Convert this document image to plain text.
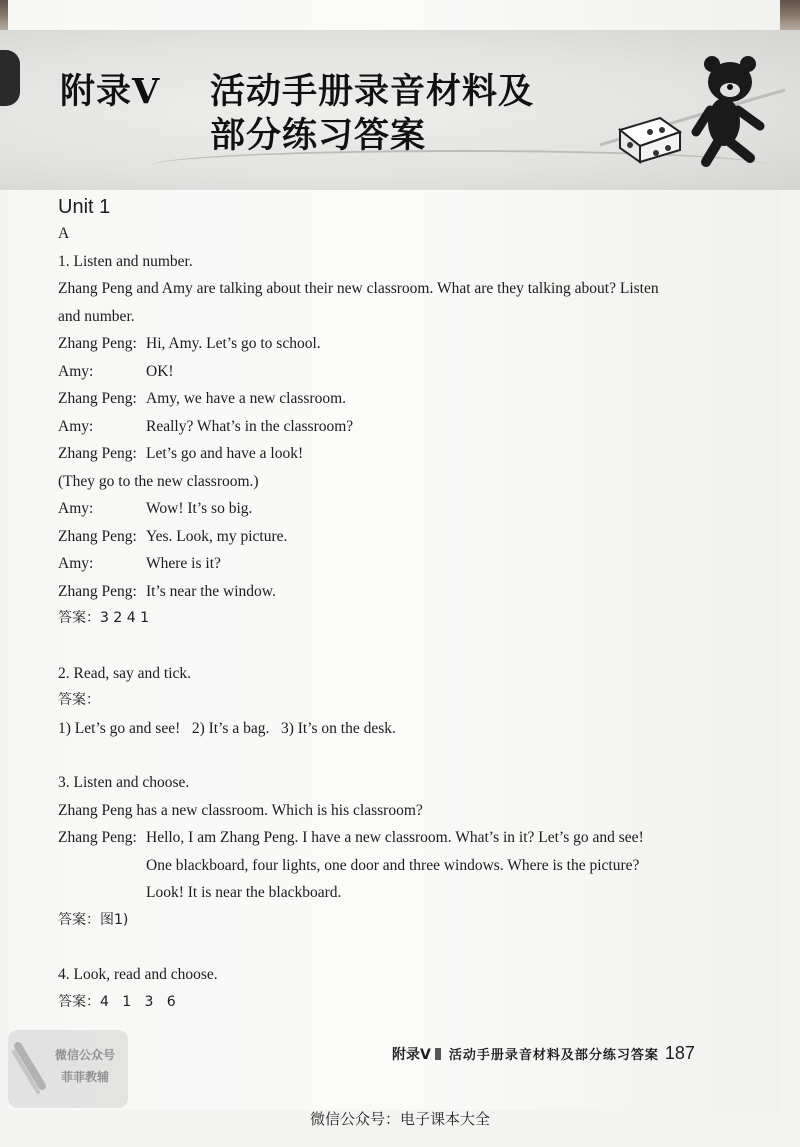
附录V 活动手册录音材料及
部分练习答案
Unit 1
A
1. Listen and number.
Zhang Peng and Amy are talking about their new classroom. What are they talking about? Listen
and number.
Zhang Peng: Hi, Amy. Let’s go to school.
Amy:	OK!
Zhang Peng: Amy, we have a new classroom.
Amy:	Really? What’s in the classroom?
Zhang Peng: Let’s go and have a look!
(They go to the new classroom.)
Amy:	Wow! It’s so big.
Zhang Peng: Yes. Look, my picture.
Amy:	Where is it?
Zhang Peng: It’s near the window.
答案：3 2 4 1
2. Read, say and tick.
答案：
1) Let’s go and see!   2) It’s a bag.   3) It’s on the desk.
3. Listen and choose.
Zhang Peng has a new classroom. Which is his classroom?
Zhang Peng: Hello, I am Zhang Peng. I have a new classroom. What’s in it? Let’s go and see!
One blackboard, four lights, one door and three windows. Where is the picture?
Look! It is near the blackboard.
答案：图1)
4. Look, read and choose.
答案：4   1   3   6
附录V 活动手册录音材料及部分练习答案 187
微信公众号
菲菲教辅
微信公众号：电子课本大全
